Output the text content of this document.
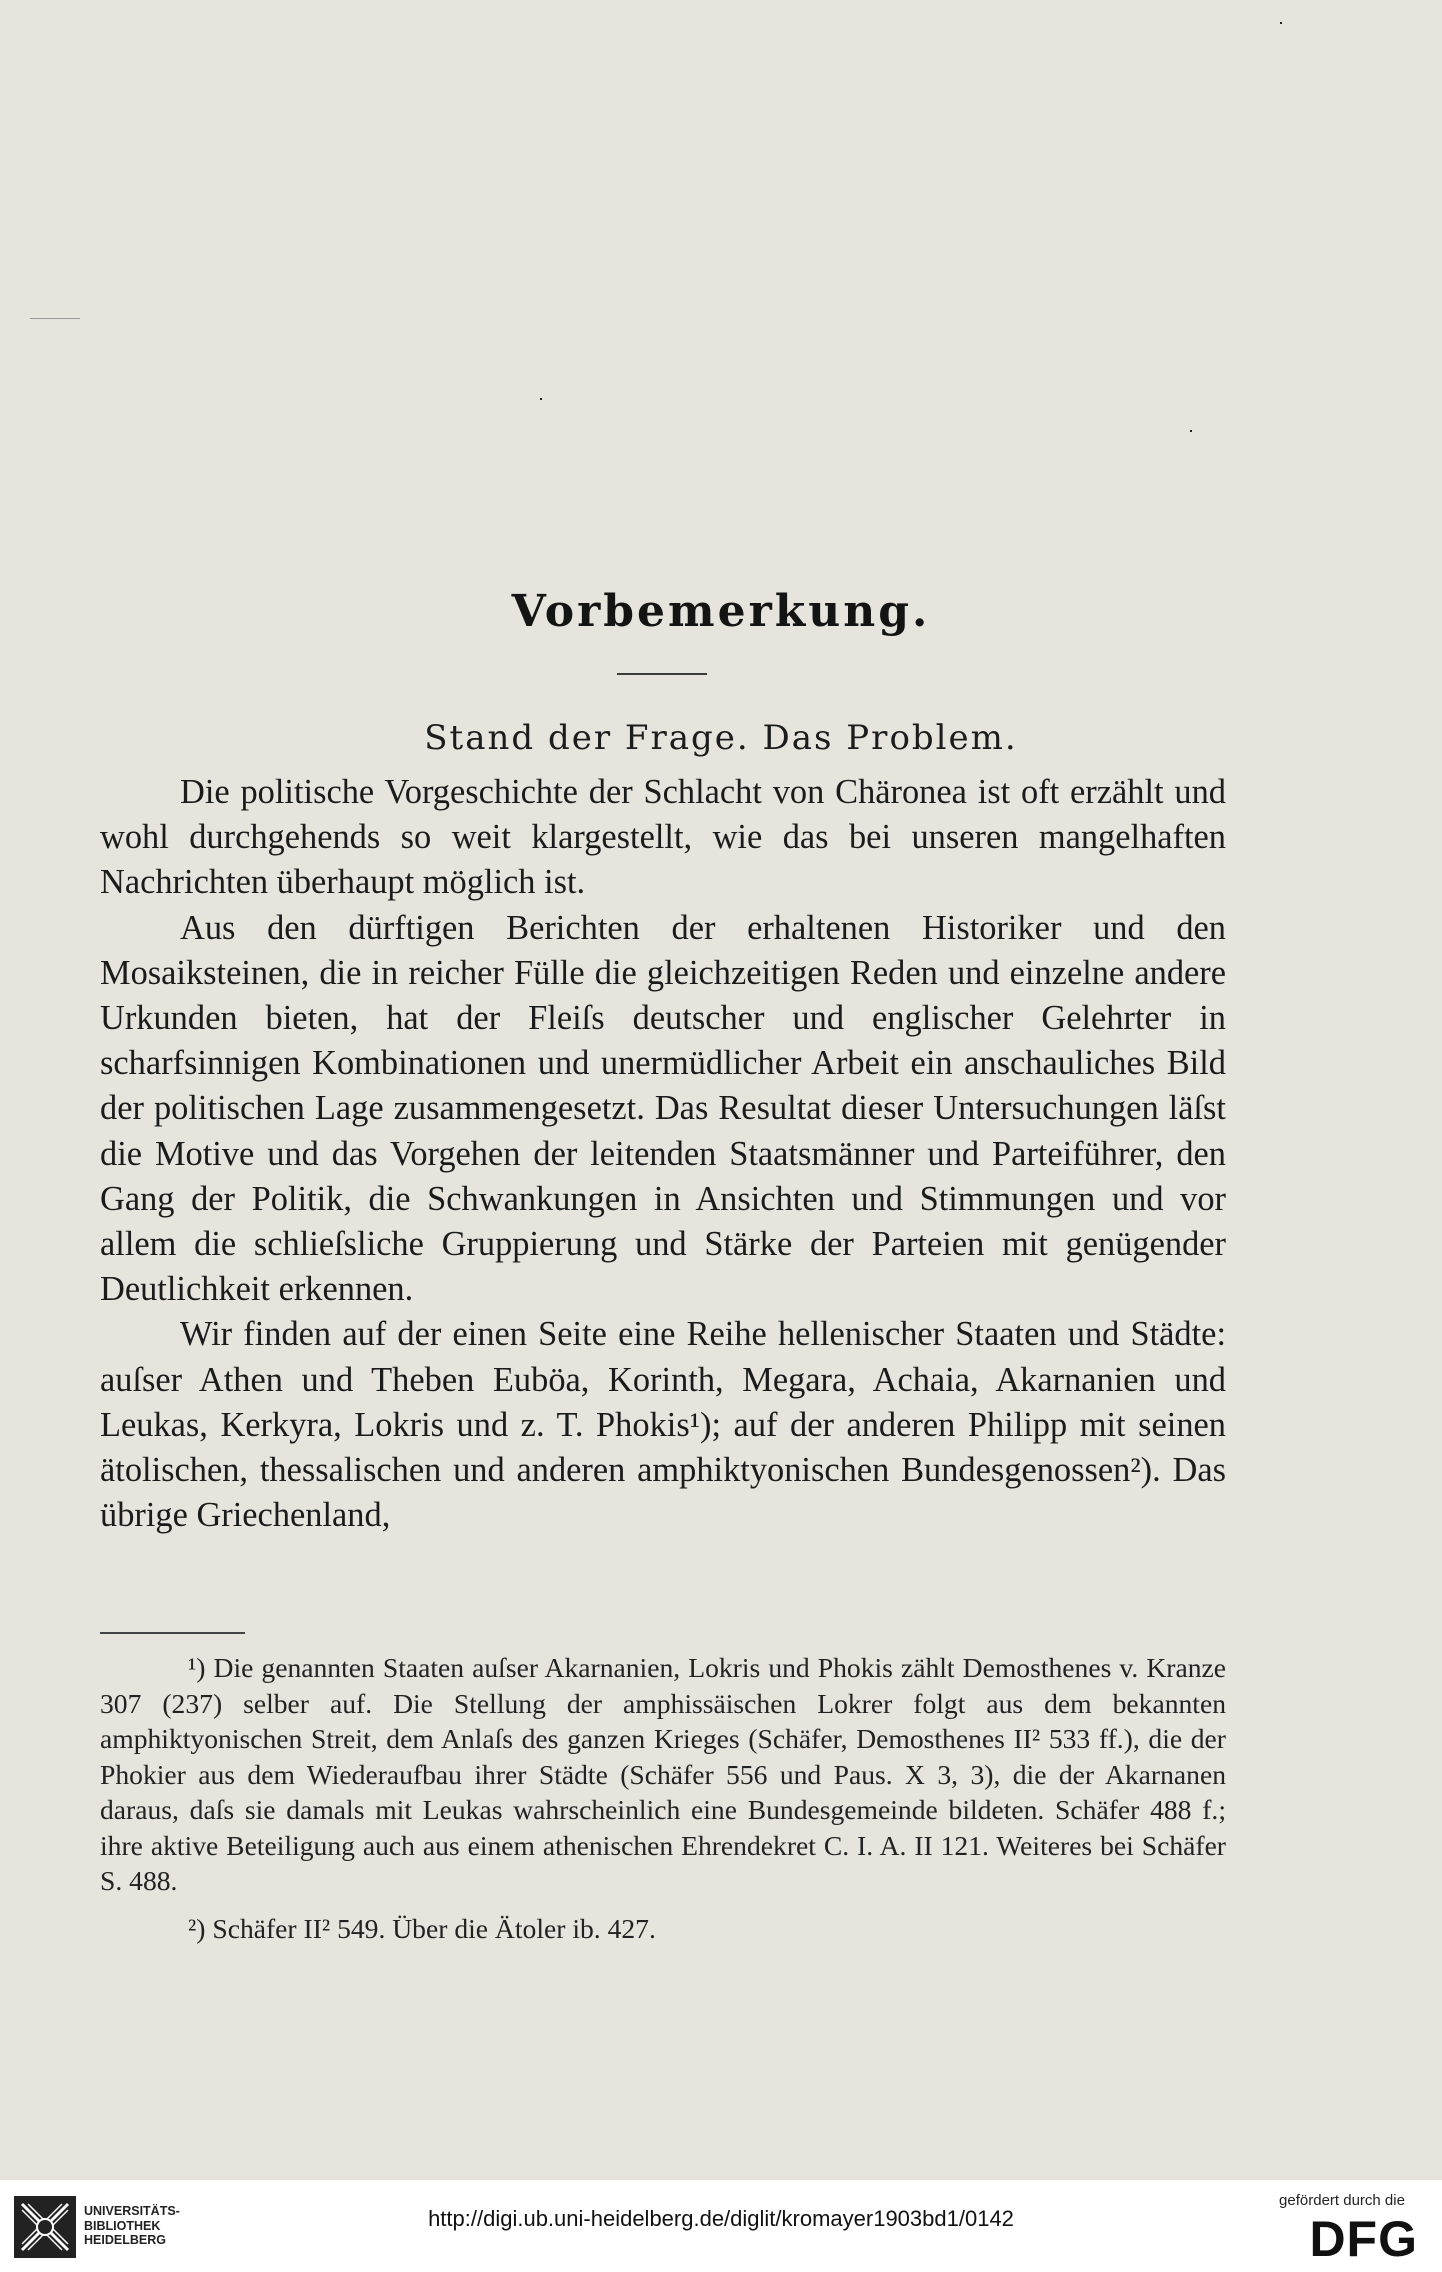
Vorbemerkung.
Stand der Frage. Das Problem.

Die politische Vorgeschichte der Schlacht von Chäronea ist oft erzählt und wohl durchgehends so weit klargestellt, wie das bei unseren mangelhaften Nachrichten überhaupt möglich ist.

Aus den dürftigen Berichten der erhaltenen Historiker und den Mosaiksteinen, die in reicher Fülle die gleichzeitigen Reden und einzelne andere Urkunden bieten, hat der Fleiſs deutscher und englischer Gelehrter in scharfsinnigen Kombinationen und unermüdlicher Arbeit ein anschauliches Bild der politischen Lage zusammengesetzt. Das Resultat dieser Untersuchungen läſst die Motive und das Vorgehen der leitenden Staatsmänner und Parteiführer, den Gang der Politik, die Schwankungen in Ansichten und Stimmungen und vor allem die schlieſsliche Gruppierung und Stärke der Parteien mit genügender Deutlichkeit erkennen.

Wir finden auf der einen Seite eine Reihe hellenischer Staaten und Städte: auſser Athen und Theben Euböa, Korinth, Megara, Achaia, Akarnanien und Leukas, Kerkyra, Lokris und z. T. Phokis¹); auf der anderen Philipp mit seinen ätolischen, thessalischen und anderen amphiktyonischen Bundesgenossen²). Das übrige Griechenland,

¹) Die genannten Staaten auſser Akarnanien, Lokris und Phokis zählt Demosthenes v. Kranze 307 (237) selber auf. Die Stellung der amphissäischen Lokrer folgt aus dem bekannten amphiktyonischen Streit, dem Anlaſs des ganzen Krieges (Schäfer, Demosthenes II² 533 ff.), die der Phokier aus dem Wiederaufbau ihrer Städte (Schäfer 556 und Paus. X 3, 3), die der Akarnanen daraus, daſs sie damals mit Leukas wahrscheinlich eine Bundesgemeinde bildeten. Schäfer 488 f.; ihre aktive Beteiligung auch aus einem athenischen Ehrendekret C. I. A. II 121. Weiteres bei Schäfer S. 488.

²) Schäfer II² 549. Über die Ätoler ib. 427.

UNIVERSITÄTS-
BIBLIOTHEK
HEIDELBERG
http://digi.ub.uni-heidelberg.de/diglit/kromayer1903bd1/0142
gefördert durch die
DFG
